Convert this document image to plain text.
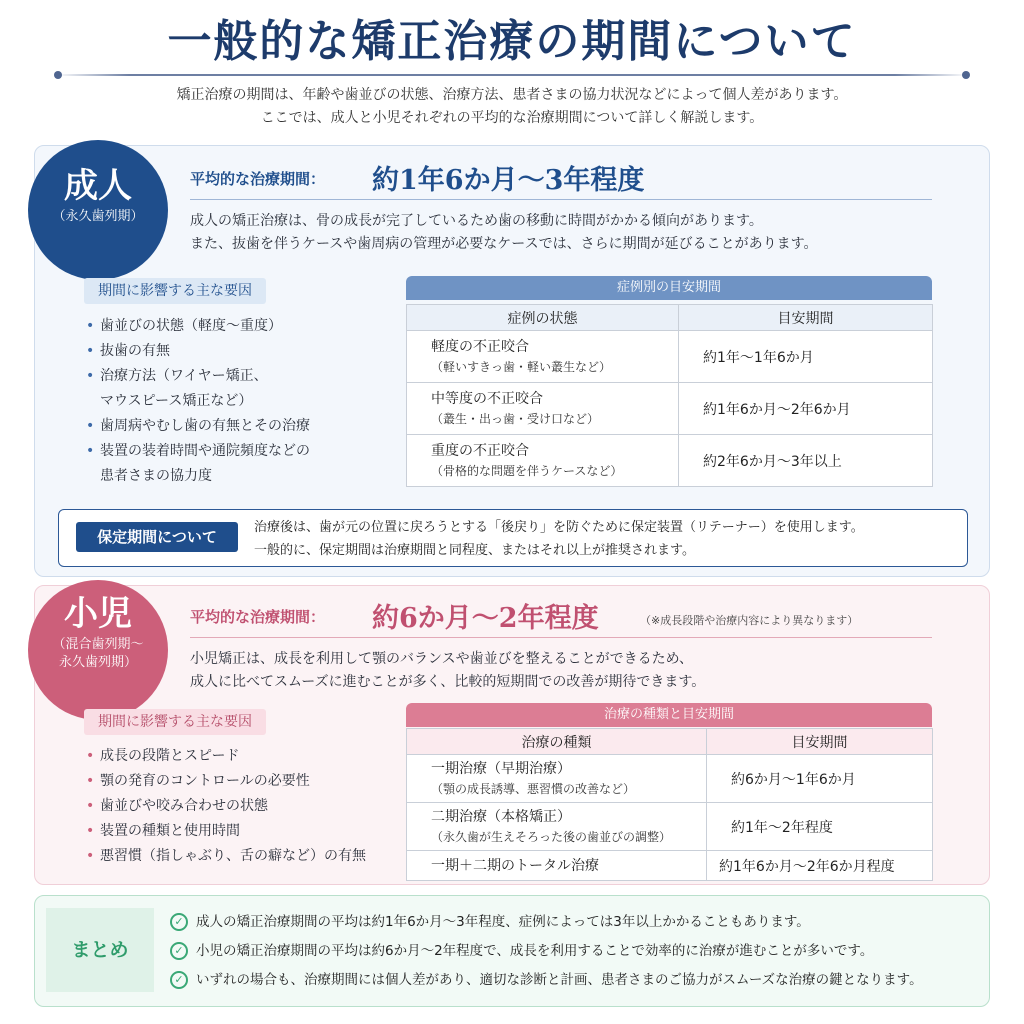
一般的な矯正治療の期間について
矯正治療の期間は、年齢や歯並びの状態、治療方法、患者さまの協力状況などによって個人差があります。
ここでは、成人と小児それぞれの平均的な治療期間について詳しく解説します。
成人
（永久歯列期）
平均的な治療期間： 約1年6か月～3年程度
成人の矯正治療は、骨の成長が完了しているため歯の移動に時間がかかる傾向があります。
また、抜歯を伴うケースや歯周病の管理が必要なケースでは、さらに期間が延びることがあります。
期間に影響する主な要因
• 歯並びの状態（軽度～重度）
• 抜歯の有無
• 治療方法（ワイヤー矯正、
マウスピース矯正など）
• 歯周病やむし歯の有無とその治療
• 装置の装着時間や通院頻度などの
患者さまの協力度
症例別の目安期間
症例の状態	目安期間
軽度の不正咬合
（軽いすきっ歯・軽い叢生など）	約1年～1年6か月
中等度の不正咬合
（叢生・出っ歯・受け口など）	約1年6か月～2年6か月
重度の不正咬合
（骨格的な問題を伴うケースなど）	約2年6か月～3年以上
保定期間について
治療後は、歯が元の位置に戻ろうとする「後戻り」を防ぐために保定装置（リテーナー）を使用します。
一般的に、保定期間は治療期間と同程度、またはそれ以上が推奨されます。
小児
（混合歯列期～
永久歯列期）
平均的な治療期間： 約6か月～2年程度	（※成長段階や治療内容により異なります）
小児矯正は、成長を利用して顎のバランスや歯並びを整えることができるため、
成人に比べてスムーズに進むことが多く、比較的短期間での改善が期待できます。
期間に影響する主な要因
• 成長の段階とスピード
• 顎の発育のコントロールの必要性
• 歯並びや咬み合わせの状態
• 装置の種類と使用時間
• 悪習慣（指しゃぶり、舌の癖など）の有無
治療の種類と目安期間
治療の種類	目安期間
一期治療（早期治療）
（顎の成長誘導、悪習慣の改善など）	約6か月～1年6か月
二期治療（本格矯正）
（永久歯が生えそろった後の歯並びの調整）	約1年～2年程度
一期＋二期のトータル治療	約1年6か月～2年6か月程度
まとめ
✓ 成人の矯正治療期間の平均は約1年6か月～3年程度、症例によっては3年以上かかることもあります。
✓ 小児の矯正治療期間の平均は約6か月～2年程度で、成長を利用することで効率的に治療が進むことが多いです。
✓ いずれの場合も、治療期間には個人差があり、適切な診断と計画、患者さまのご協力がスムーズな治療の鍵となります。
